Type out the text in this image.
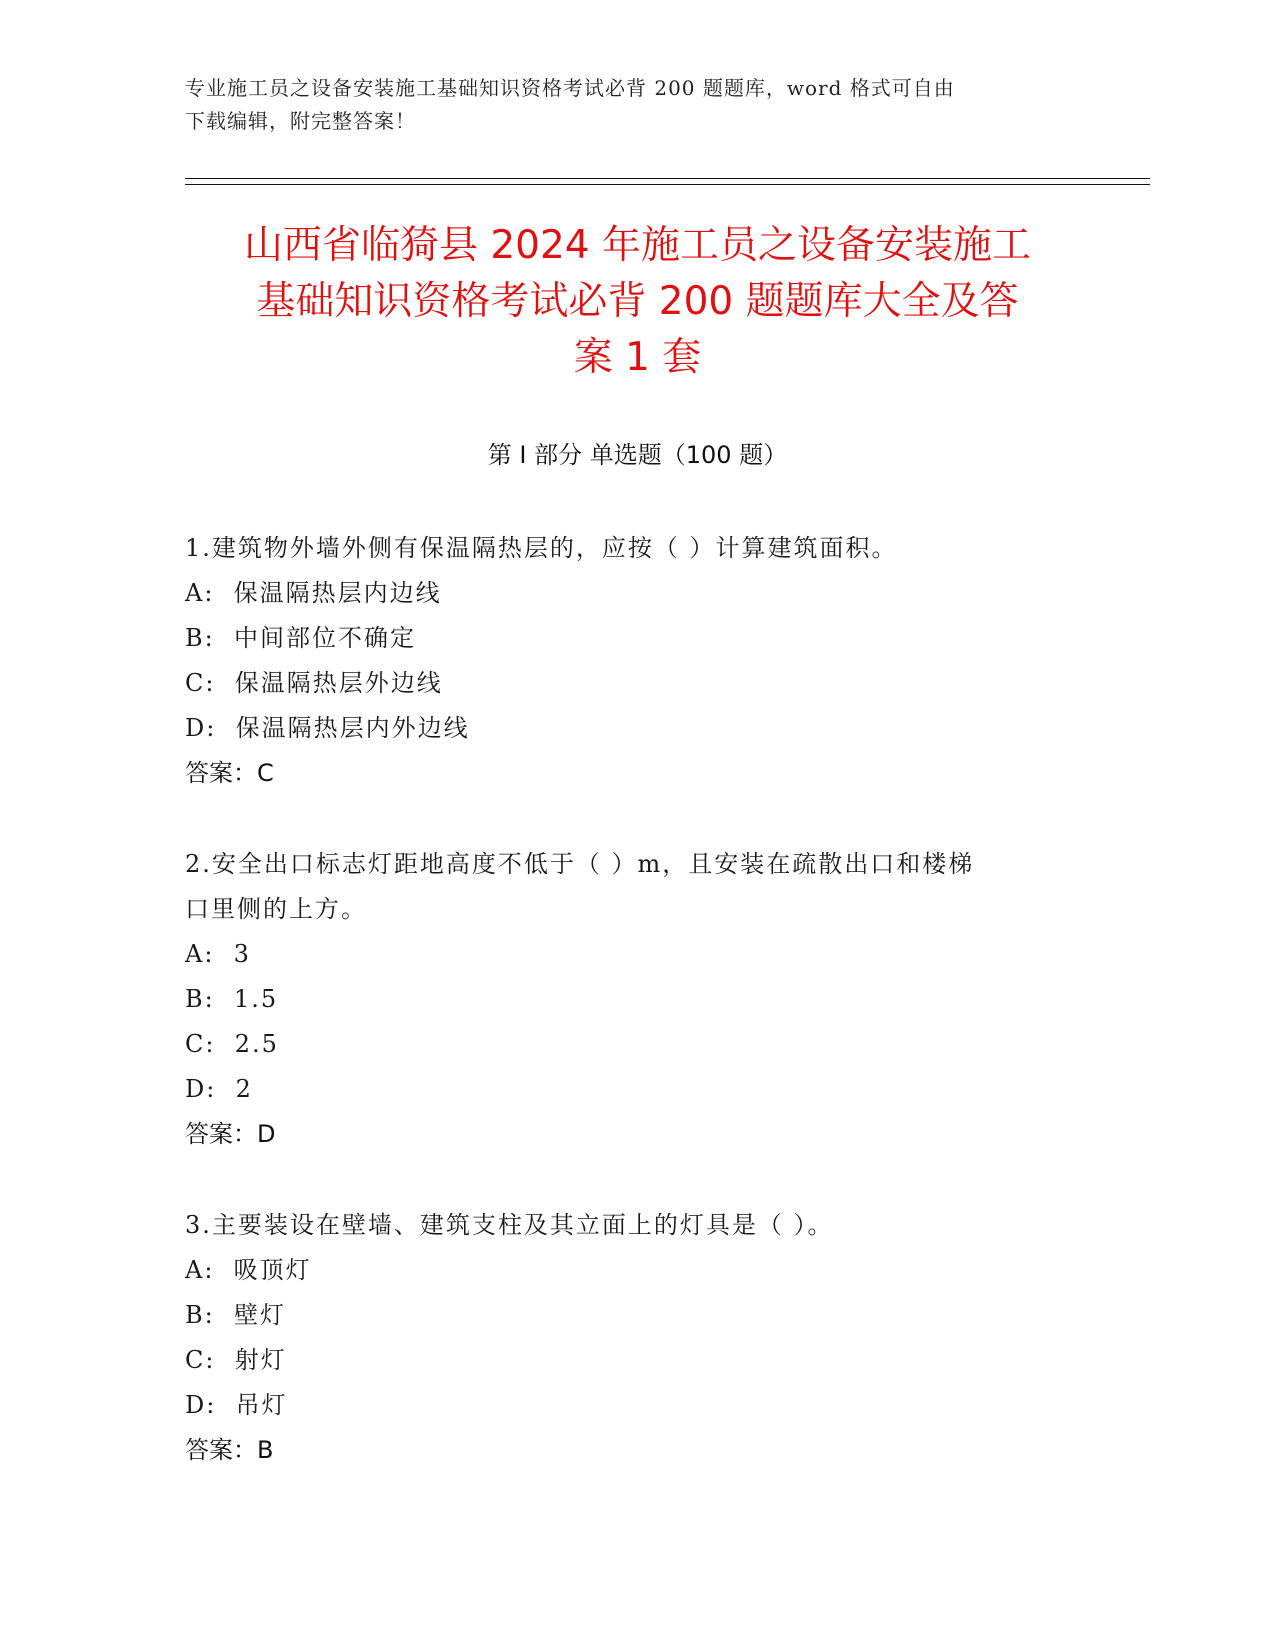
专业施工员之设备安装施工基础知识资格考试必背 200 题题库，word 格式可自由
下载编辑，附完整答案！
山西省临猗县 2024 年施工员之设备安装施工
基础知识资格考试必背 200 题题库大全及答
案 1 套
第 I 部分 单选题（100 题）
1.建筑物外墙外侧有保温隔热层的，应按（ ）计算建筑面积。
A:  保温隔热层内边线
B:  中间部位不确定
C:  保温隔热层外边线
D:  保温隔热层内外边线
答案：C
2.安全出口标志灯距地高度不低于（ ）m，且安装在疏散出口和楼梯
口里侧的上方。
A:  3
B:  1.5
C:  2.5
D:  2
答案：D
3.主要装设在壁墙、建筑支柱及其立面上的灯具是（ ）。
A:  吸顶灯
B:  壁灯
C:  射灯
D:  吊灯
答案：B
